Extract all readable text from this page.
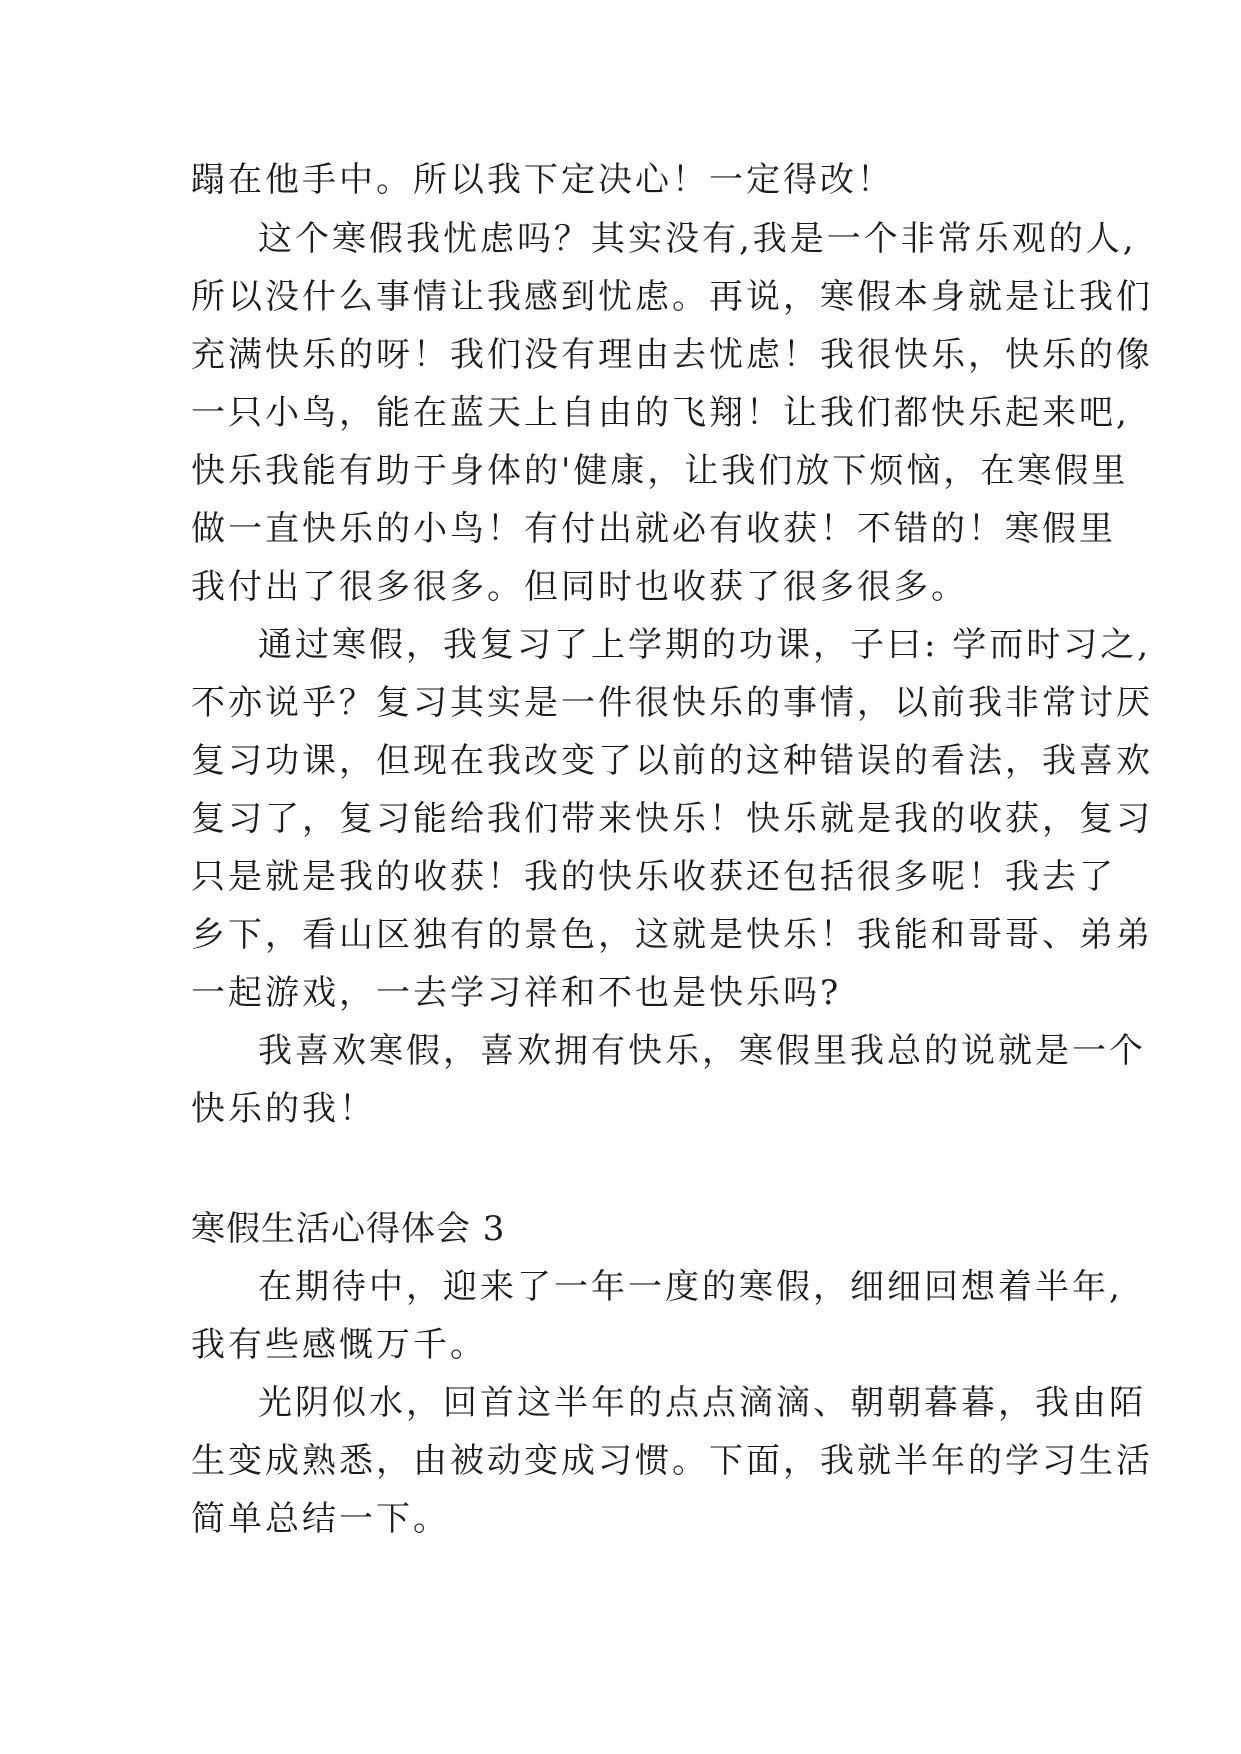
蹋在他手中。所以我下定决心！一定得改！
这个寒假我忧虑吗？其实没有,我是一个非常乐观的人,
所以没什么事情让我感到忧虑。再说，寒假本身就是让我们
充满快乐的呀！我们没有理由去忧虑！我很快乐，快乐的像
一只小鸟，能在蓝天上自由的飞翔！让我们都快乐起来吧,
快乐我能有助于身体的'健康，让我们放下烦恼，在寒假里
做一直快乐的小鸟！有付出就必有收获！不错的！寒假里
我付出了很多很多。但同时也收获了很多很多。
通过寒假，我复习了上学期的功课，子曰: 学而时习之,
不亦说乎？复习其实是一件很快乐的事情，以前我非常讨厌
复习功课，但现在我改变了以前的这种错误的看法，我喜欢
复习了，复习能给我们带来快乐！快乐就是我的收获，复习
只是就是我的收获！我的快乐收获还包括很多呢！我去了
乡下，看山区独有的景色，这就是快乐！我能和哥哥、弟弟
一起游戏，一去学习祥和不也是快乐吗?
我喜欢寒假，喜欢拥有快乐，寒假里我总的说就是一个
快乐的我！
寒假生活心得体会 3
在期待中，迎来了一年一度的寒假，细细回想着半年,
我有些感慨万千。
光阴似水，回首这半年的点点滴滴、朝朝暮暮，我由陌
生变成熟悉，由被动变成习惯。下面，我就半年的学习生活
简单总结一下。
